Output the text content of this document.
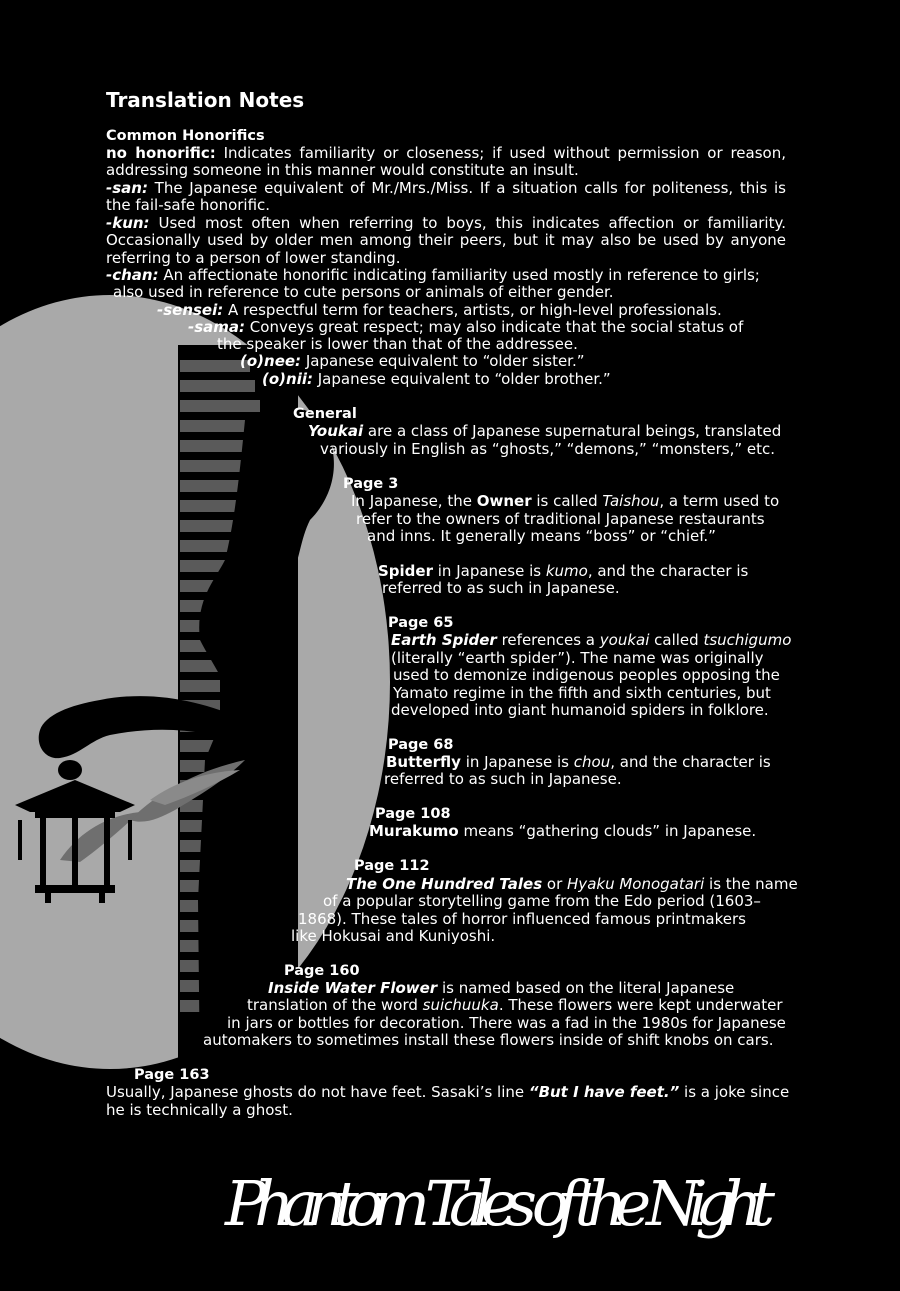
Translation Notes
Common Honorifics
no honorific: Indicates familiarity or closeness; if used without permission or reason, addressing someone in this manner would constitute an insult.
-san: The Japanese equivalent of Mr./Mrs./Miss. If a situation calls for politeness, this is the fail-safe honorific.
-kun: Used most often when referring to boys, this indicates affection or familiarity. Occasionally used by older men among their peers, but it may also be used by anyone referring to a person of lower standing.
-chan: An affectionate honorific indicating familiarity used mostly in reference to girls;
also used in reference to cute persons or animals of either gender.
-sensei: A respectful term for teachers, artists, or high-level professionals.
-sama: Conveys great respect; may also indicate that the social status of
the speaker is lower than that of the addressee.
(o)nee: Japanese equivalent to “older sister.”
(o)nii: Japanese equivalent to “older brother.”
General
Youkai are a class of Japanese supernatural beings, translated
variously in English as “ghosts,” “demons,” “monsters,” etc.
Page 3
In Japanese, the Owner is called Taishou, a term used to
refer to the owners of traditional Japanese restaurants
and inns. It generally means “boss” or “chief.”
Spider in Japanese is kumo, and the character is
referred to as such in Japanese.
Page 65
Earth Spider references a youkai called tsuchigumo
(literally “earth spider”). The name was originally
used to demonize indigenous peoples opposing the
Yamato regime in the fifth and sixth centuries, but
developed into giant humanoid spiders in folklore.
Page 68
Butterfly in Japanese is chou, and the character is
referred to as such in Japanese.
Page 108
Murakumo means “gathering clouds” in Japanese.
Page 112
The One Hundred Tales or Hyaku Monogatari is the name
of a popular storytelling game from the Edo period (1603–
1868). These tales of horror influenced famous printmakers
like Hokusai and Kuniyoshi.
Page 160
Inside Water Flower is named based on the literal Japanese
translation of the word suichuuka. These flowers were kept underwater
in jars or bottles for decoration. There was a fad in the 1980s for Japanese
automakers to sometimes install these flowers inside of shift knobs on cars.
Page 163
Usually, Japanese ghosts do not have feet. Sasaki’s line “But I have feet.” is a joke since
he is technically a ghost.
Phantom Tales of the Night
